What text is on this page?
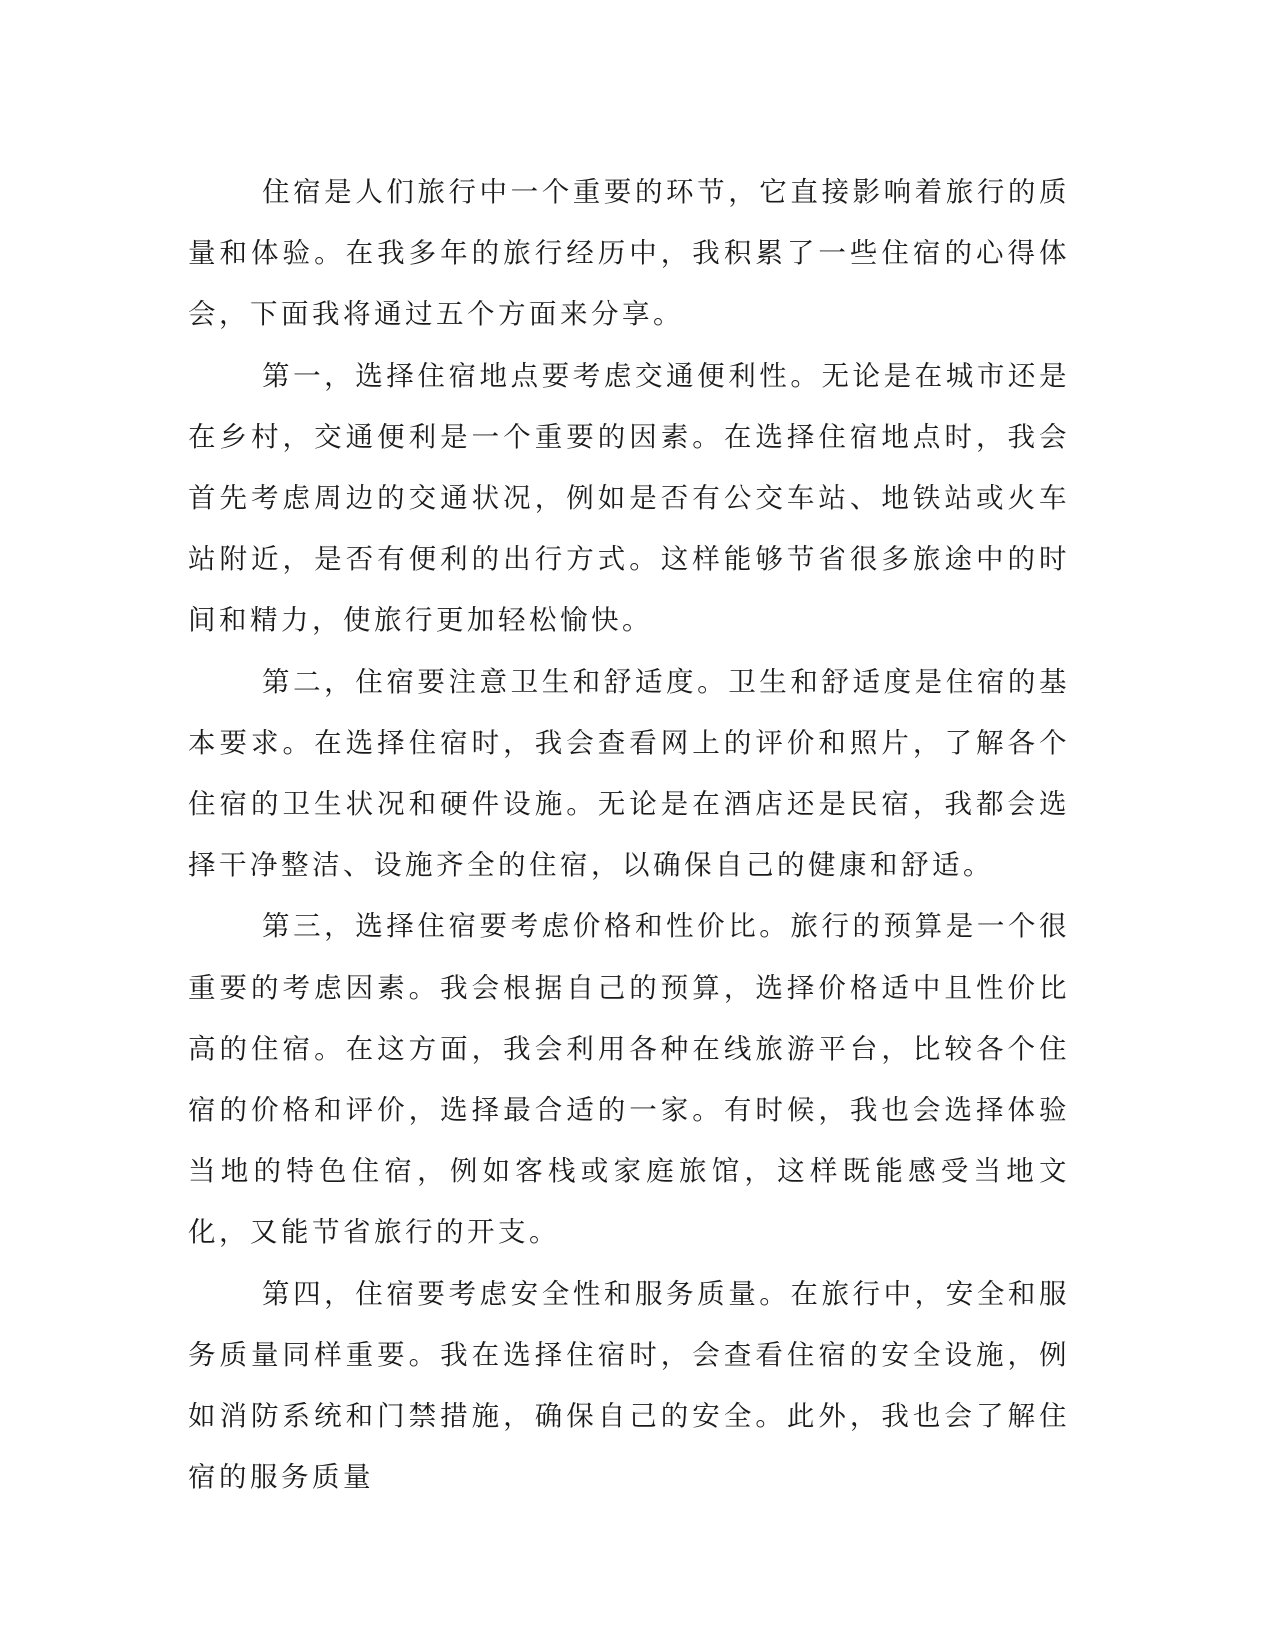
住宿是人们旅行中一个重要的环节，它直接影响着旅行的质量和体验。在我多年的旅行经历中，我积累了一些住宿的心得体会，下面我将通过五个方面来分享。

第一，选择住宿地点要考虑交通便利性。无论是在城市还是在乡村，交通便利是一个重要的因素。在选择住宿地点时，我会首先考虑周边的交通状况，例如是否有公交车站、地铁站或火车站附近，是否有便利的出行方式。这样能够节省很多旅途中的时间和精力，使旅行更加轻松愉快。

第二，住宿要注意卫生和舒适度。卫生和舒适度是住宿的基本要求。在选择住宿时，我会查看网上的评价和照片，了解各个住宿的卫生状况和硬件设施。无论是在酒店还是民宿，我都会选择干净整洁、设施齐全的住宿，以确保自己的健康和舒适。

第三，选择住宿要考虑价格和性价比。旅行的预算是一个很重要的考虑因素。我会根据自己的预算，选择价格适中且性价比高的住宿。在这方面，我会利用各种在线旅游平台，比较各个住宿的价格和评价，选择最合适的一家。有时候，我也会选择体验当地的特色住宿，例如客栈或家庭旅馆，这样既能感受当地文化，又能节省旅行的开支。

第四，住宿要考虑安全性和服务质量。在旅行中，安全和服务质量同样重要。我在选择住宿时，会查看住宿的安全设施，例如消防系统和门禁措施，确保自己的安全。此外，我也会了解住宿的服务质量
